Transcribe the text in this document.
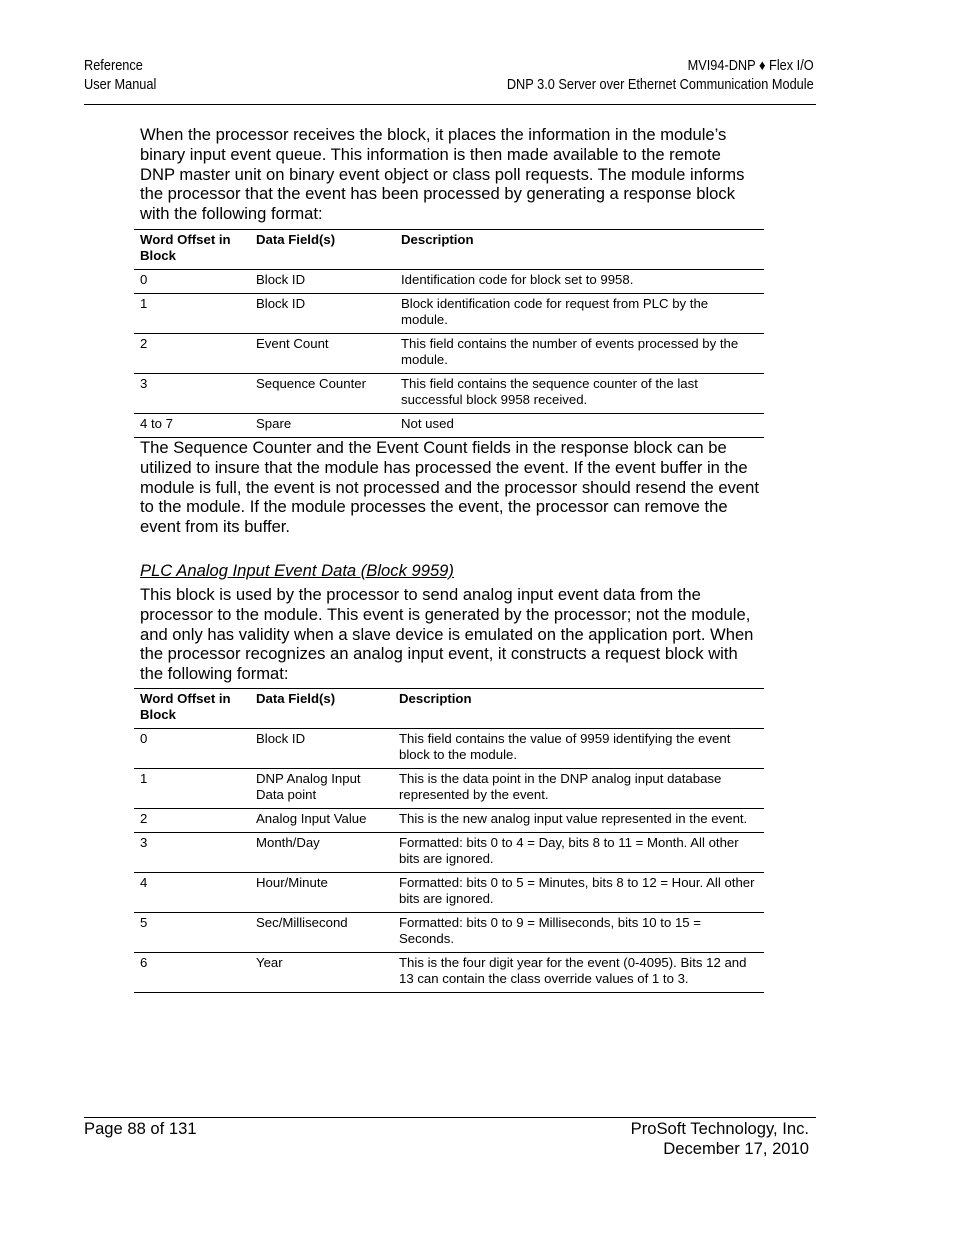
Reference
User Manual
MVI94-DNP ♦ Flex I/O
DNP 3.0 Server over Ethernet Communication Module

When the processor receives the block, it places the information in the module’s binary input event queue. This information is then made available to the remote DNP master unit on binary event object or class poll requests. The module informs the processor that the event has been processed by generating a response block with the following format:

Word Offset in Block	Data Field(s)	Description
0	Block ID	Identification code for block set to 9958.
1	Block ID	Block identification code for request from PLC by the module.
2	Event Count	This field contains the number of events processed by the module.
3	Sequence Counter	This field contains the sequence counter of the last successful block 9958 received.
4 to 7	Spare	Not used

The Sequence Counter and the Event Count fields in the response block can be utilized to insure that the module has processed the event. If the event buffer in the module is full, the event is not processed and the processor should resend the event to the module. If the module processes the event, the processor can remove the event from its buffer.

PLC Analog Input Event Data (Block 9959)

This block is used by the processor to send analog input event data from the processor to the module. This event is generated by the processor; not the module, and only has validity when a slave device is emulated on the application port. When the processor recognizes an analog input event, it constructs a request block with the following format:

Word Offset in Block	Data Field(s)	Description
0	Block ID	This field contains the value of 9959 identifying the event block to the module.
1	DNP Analog Input Data point	This is the data point in the DNP analog input database represented by the event.
2	Analog Input Value	This is the new analog input value represented in the event.
3	Month/Day	Formatted: bits 0 to 4 = Day, bits 8 to 11 = Month. All other bits are ignored.
4	Hour/Minute	Formatted: bits 0 to 5 = Minutes, bits 8 to 12 = Hour. All other bits are ignored.
5	Sec/Millisecond	Formatted: bits 0 to 9 = Milliseconds, bits 10 to 15 = Seconds.
6	Year	This is the four digit year for the event (0-4095). Bits 12 and 13 can contain the class override values of 1 to 3.
Page 88 of 131	ProSoft Technology, Inc.
December 17, 2010
